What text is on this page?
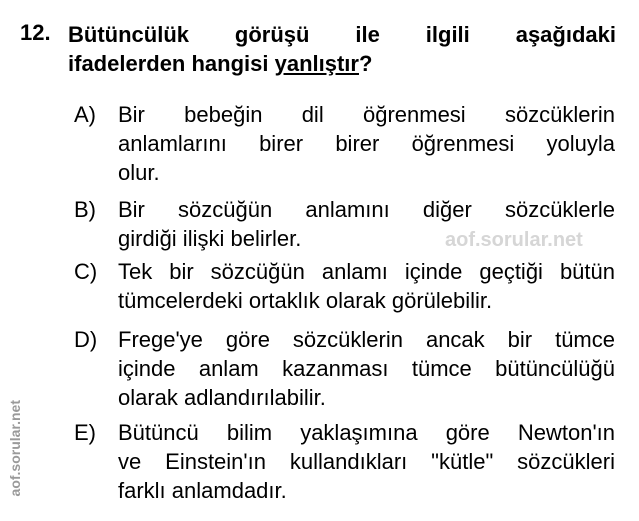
aof.sorular.net
12. Bütüncülük görüşü ile ilgili aşağıdaki
ifadelerden hangisi yanlıştır?
A) Bir bebeğin dil öğrenmesi sözcüklerin
anlamlarını birer birer öğrenmesi yoluyla
olur.
B) Bir sözcüğün anlamını diğer sözcüklerle
girdiği ilişki belirler.
C) Tek bir sözcüğün anlamı içinde geçtiği bütün
tümcelerdeki ortaklık olarak görülebilir.
D) Frege'ye göre sözcüklerin ancak bir tümce
içinde anlam kazanması tümce bütüncülüğü
olarak adlandırılabilir.
E) Bütüncü bilim yaklaşımına göre Newton'ın
ve Einstein'ın kullandıkları "kütle" sözcükleri
farklı anlamdadır.
aof.sorular.net
